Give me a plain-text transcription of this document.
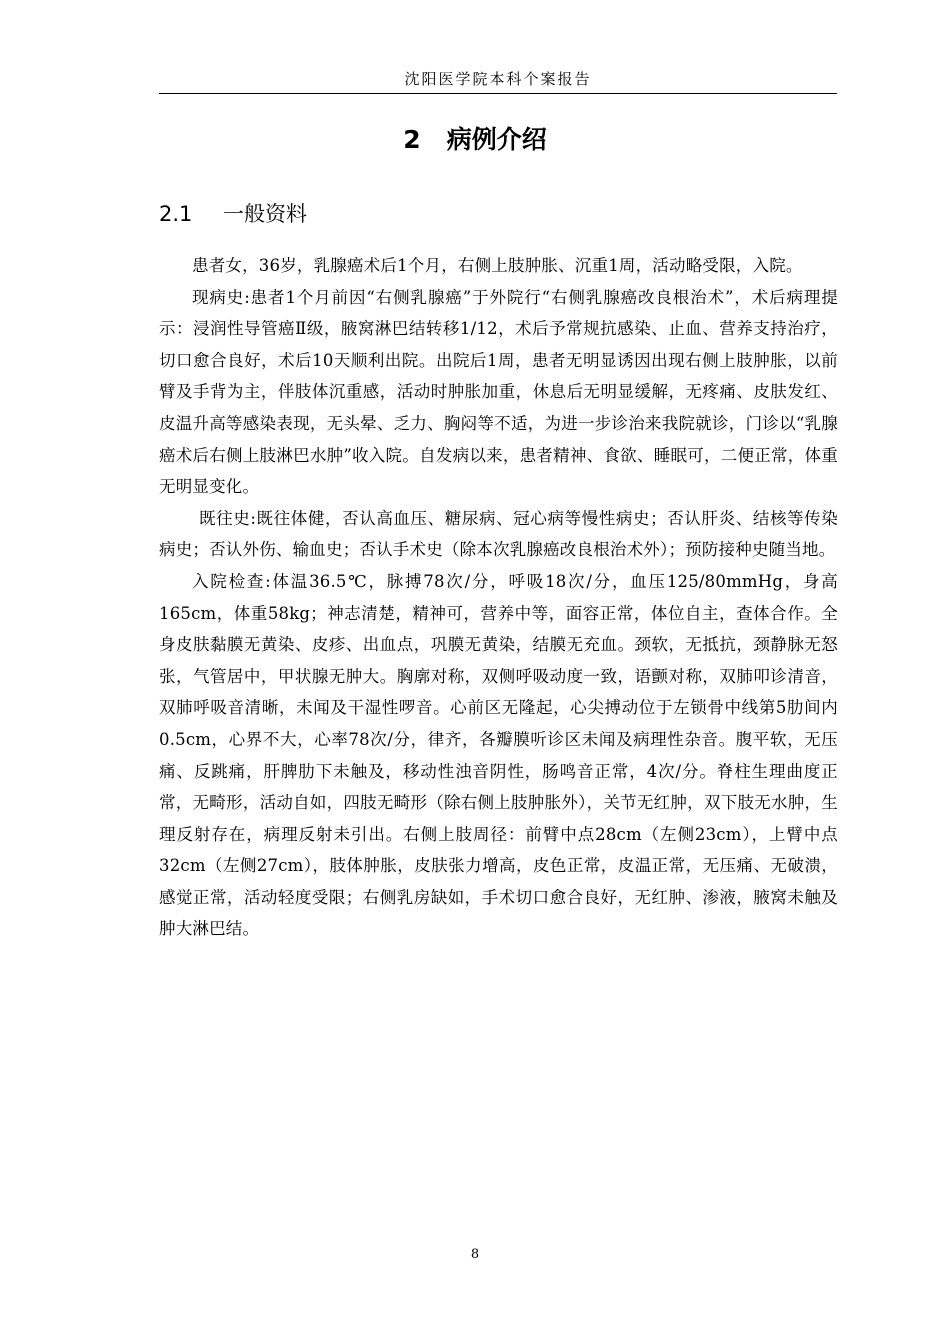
沈阳医学院本科个案报告
2 病例介绍
2.1 一般资料

患者女，36岁，乳腺癌术后1个月，右侧上肢肿胀、沉重1周，活动略受限，入院。

现病史:患者1个月前因“右侧乳腺癌”于外院行“右侧乳腺癌改良根治术”，术后病理提示：浸润性导管癌Ⅱ级，腋窝淋巴结转移1/12，术后予常规抗感染、止血、营养支持治疗，切口愈合良好，术后10天顺利出院。出院后1周，患者无明显诱因出现右侧上肢肿胀，以前臂及手背为主，伴肢体沉重感，活动时肿胀加重，休息后无明显缓解，无疼痛、皮肤发红、皮温升高等感染表现，无头晕、乏力、胸闷等不适，为进一步诊治来我院就诊，门诊以“乳腺癌术后右侧上肢淋巴水肿”收入院。自发病以来，患者精神、食欲、睡眠可，二便正常，体重无明显变化。

既往史:既往体健，否认高血压、糖尿病、冠心病等慢性病史；否认肝炎、结核等传染病史；否认外伤、输血史；否认手术史（除本次乳腺癌改良根治术外）；预防接种史随当地。

入院检查:体温36.5℃，脉搏78次/分，呼吸18次/分，血压125/80mmHg，身高165cm，体重58kg；神志清楚，精神可，营养中等，面容正常，体位自主，查体合作。全身皮肤黏膜无黄染、皮疹、出血点，巩膜无黄染，结膜无充血。颈软，无抵抗，颈静脉无怒张，气管居中，甲状腺无肿大。胸廓对称，双侧呼吸动度一致，语颤对称，双肺叩诊清音，双肺呼吸音清晰，未闻及干湿性啰音。心前区无隆起，心尖搏动位于左锁骨中线第5肋间内0.5cm，心界不大，心率78次/分，律齐，各瓣膜听诊区未闻及病理性杂音。腹平软，无压痛、反跳痛，肝脾肋下未触及，移动性浊音阴性，肠鸣音正常，4次/分。脊柱生理曲度正常，无畸形，活动自如，四肢无畸形（除右侧上肢肿胀外），关节无红肿，双下肢无水肿，生理反射存在，病理反射未引出。右侧上肢周径：前臂中点28cm（左侧23cm），上臂中点32cm（左侧27cm），肢体肿胀，皮肤张力增高，皮色正常，皮温正常，无压痛、无破溃，感觉正常，活动轻度受限；右侧乳房缺如，手术切口愈合良好，无红肿、渗液，腋窝未触及肿大淋巴结。

8
